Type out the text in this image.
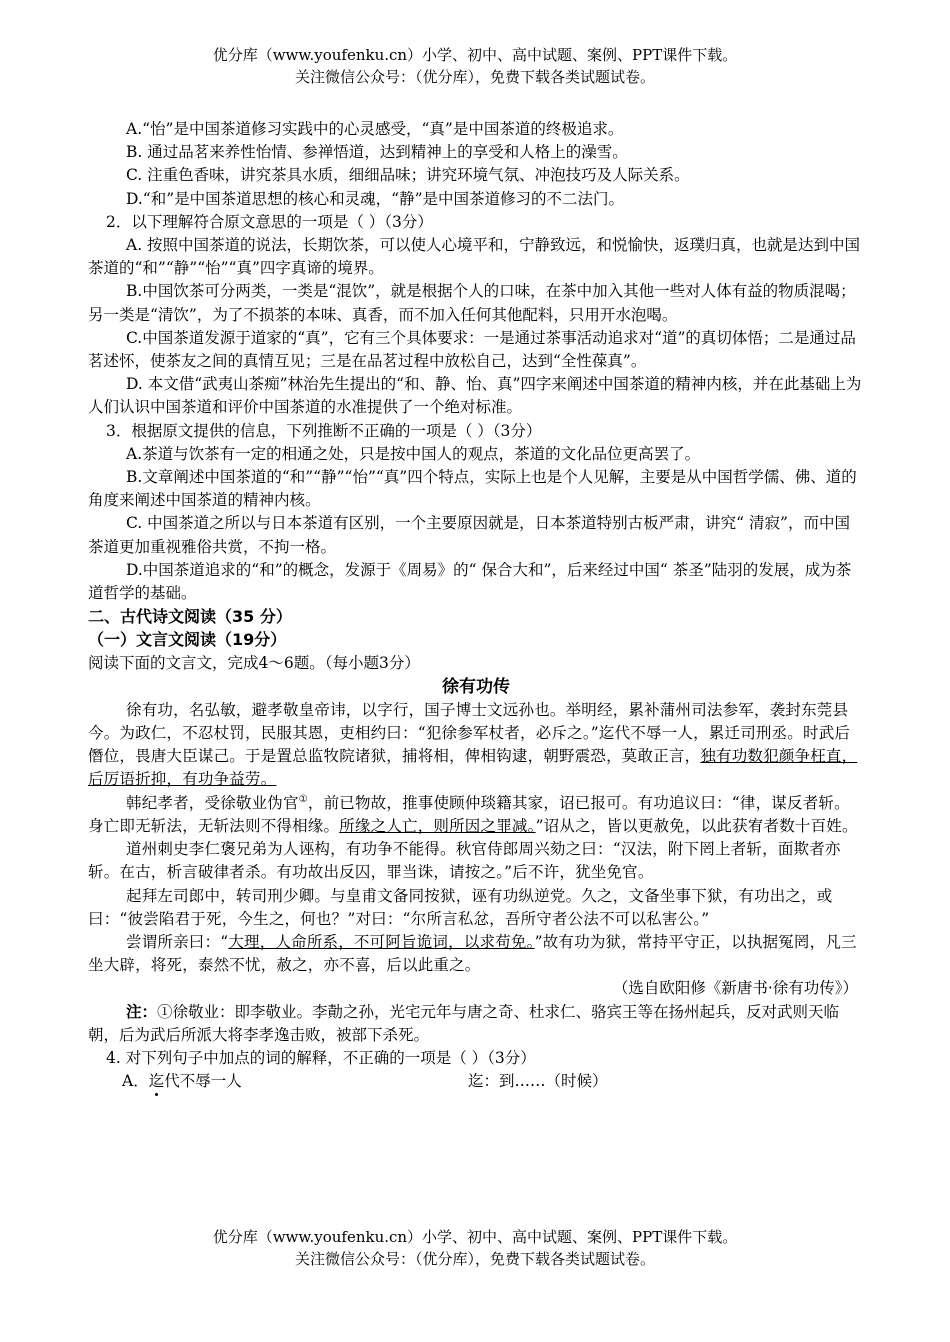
优分库（www.youfenku.cn）小学、初中、高中试题、案例、PPT课件下载。
关注微信公众号：（优分库），免费下载各类试题试卷。

A.“怡”是中国茶道修习实践中的心灵感受，“真”是中国茶道的终极追求。

B. 通过品茗来养性怡情、参禅悟道，达到精神上的享受和人格上的澡雪。

C. 注重色香味，讲究茶具水质，细细品味；讲究环境气氛、冲泡技巧及人际关系。

D.“和”是中国茶道思想的核心和灵魂，“静”是中国茶道修习的不二法门。

2．以下理解符合原文意思的一项是（ ）（3分）

A. 按照中国茶道的说法，长期饮茶，可以使人心境平和，宁静致远，和悦愉快，返璞归真，也就是达到中国茶道的“和”“静”“怡”“真”四字真谛的境界。

B.中国饮茶可分两类，一类是“混饮”，就是根据个人的口味，在茶中加入其他一些对人体有益的物质混喝；另一类是“清饮”，为了不损茶的本味、真香，而不加入任何其他配料，只用开水泡喝。

C.中国茶道发源于道家的“真”，它有三个具体要求：一是通过茶事活动追求对“道”的真切体悟；二是通过品茗述怀，使茶友之间的真情互见；三是在品茗过程中放松自己，达到“全性葆真”。

D. 本文借“武夷山茶痴”林治先生提出的“和、静、怡、真”四字来阐述中国茶道的精神内核，并在此基础上为人们认识中国茶道和评价中国茶道的水准提供了一个绝对标准。

3．根据原文提供的信息，下列推断不正确的一项是（ ）（3分）

A.茶道与饮茶有一定的相通之处，只是按中国人的观点，茶道的文化品位更高罢了。

B.文章阐述中国茶道的“和”“静”“怡”“真”四个特点，实际上也是个人见解，主要是从中国哲学儒、佛、道的角度来阐述中国茶道的精神内核。

C. 中国茶道之所以与日本茶道有区别，一个主要原因就是，日本茶道特别古板严肃，讲究“ 清寂”，而中国茶道更加重视雅俗共赏，不拘一格。

D.中国茶道追求的“和”的概念，发源于《周易》的“ 保合大和”，后来经过中国“ 茶圣”陆羽的发展，成为茶道哲学的基础。

二、古代诗文阅读（35 分）

（一）文言文阅读（19分）

阅读下面的文言文，完成4～6题。（每小题3分）

徐有功传

徐有功，名弘敏，避孝敬皇帝讳，以字行，国子博士文远孙也。举明经，累补蒲州司法参军，袭封东莞县今。为政仁，不忍杖罚，民服其恩，吏相约曰：“犯徐参军杖者，必斥之。”迄代不辱一人，累迁司刑丞。时武后僭位，畏唐大臣谋己。于是置总监牧院诸狱，捕将相，俾相钩逮，朝野震恐，莫敢正言，独有功数犯颜争枉直，后厉语折抑，有功争益劳。

韩纪孝者，受徐敬业伪官①，前已物故，推事使顾仲琰籍其家，诏已报可。有功追议曰：“律，谋反者斩。身亡即无斩法，无斩法则不得相缘。所缘之人亡，则所因之罪减。”诏从之，皆以更赦免，以此获宥者数十百姓。

道州刺史李仁褒兄弟为人诬构，有功争不能得。秋官侍郎周兴劾之曰：“汉法，附下罔上者斩，面欺者亦斩。在古，析言破律者杀。有功故出反囚，罪当诛，请按之。”后不许，犹坐免官。

起拜左司郎中，转司刑少卿。与皇甫文备同按狱，诬有功纵逆党。久之，文备坐事下狱，有功出之，或曰：“彼尝陷君于死，今生之，何也？”对曰：“尔所言私忿，吾所守者公法不可以私害公。”

尝谓所亲曰：“大理，人命所系，不可阿旨诡词，以求苟免。”故有功为狱，常持平守正，以执据冤罔，凡三坐大辟，将死，泰然不忧，赦之，亦不喜，后以此重之。

（选自欧阳修《新唐书·徐有功传》）

注：①徐敬业：即李敬业。李勣之孙，光宅元年与唐之奇、杜求仁、骆宾王等在扬州起兵，反对武则天临朝，后为武后所派大将李孝逸击败，被部下杀死。

4. 对下列句子中加点的词的解释，不正确的一项是（ ）（3分）

A．迄代不辱一人	迄：到……（时候）
优分库（www.youfenku.cn）小学、初中、高中试题、案例、PPT课件下载。
关注微信公众号：（优分库），免费下载各类试题试卷。
